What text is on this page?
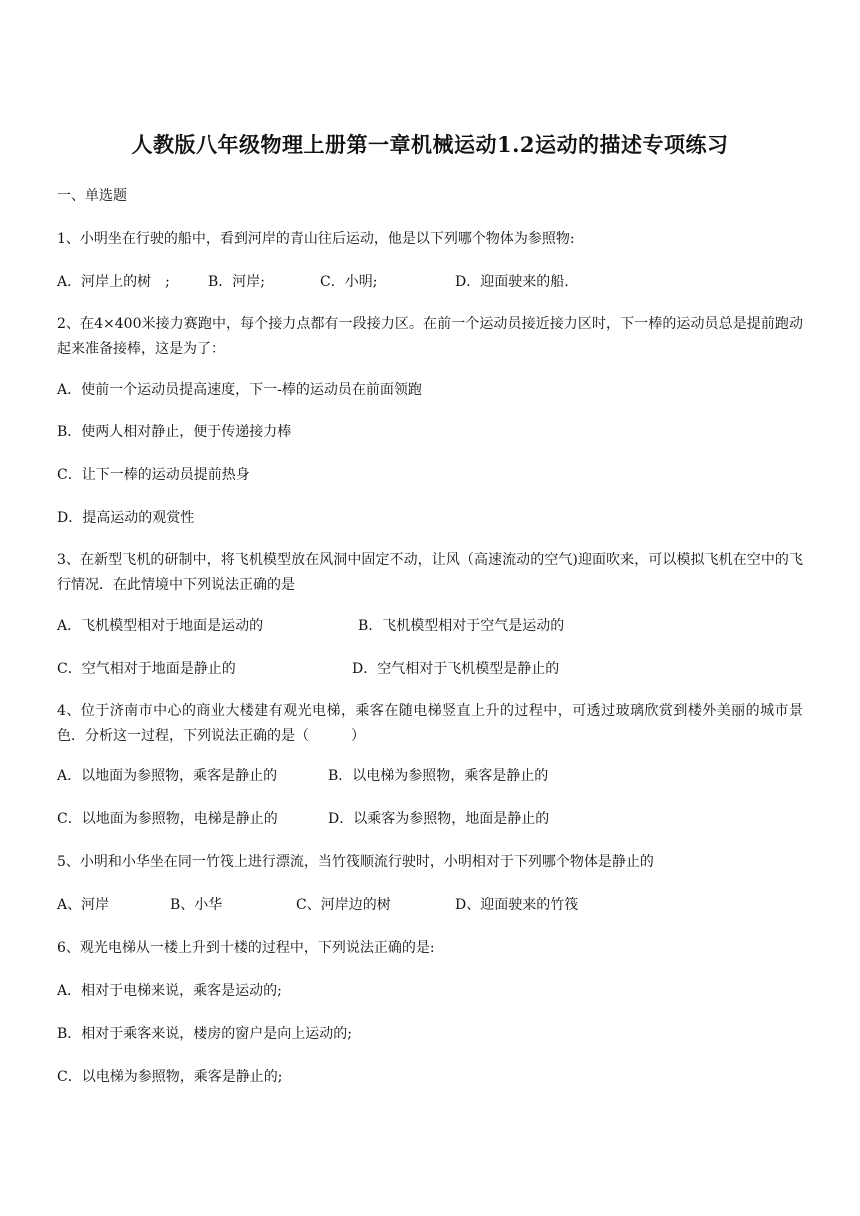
人教版八年级物理上册第一章机械运动1.2运动的描述专项练习
一、单选题
1、小明坐在行驶的船中，看到河岸的青山往后运动，他是以下列哪个物体为参照物:
A．河岸上的树　;	B．河岸;	C．小明;	D．迎面驶来的船.
2、在4×400米接力赛跑中，每个接力点都有一段接力区。在前一个运动员接近接力区时，下一棒的运动员总是提前跑动起来准备接棒，这是为了：
A．使前一个运动员提高速度，下一-棒的运动员在前面领跑
B．使两人相对静止，便于传递接力棒
C．让下一棒的运动员提前热身
D．提高运动的观赏性
3、在新型飞机的研制中，将飞机模型放在风洞中固定不动，让风（高速流动的空气)迎面吹来，可以模拟飞机在空中的飞行情况．在此情境中下列说法正确的是
A．飞机模型相对于地面是运动的	B．飞机模型相对于空气是运动的
C．空气相对于地面是静止的	D．空气相对于飞机模型是静止的
4、位于济南市中心的商业大楼建有观光电梯，乘客在随电梯竖直上升的过程中，可透过玻璃欣赏到楼外美丽的城市景色．分析这一过程，下列说法正确的是（　　　）
A．以地面为参照物，乘客是静止的	B．以电梯为参照物，乘客是静止的
C．以地面为参照物，电梯是静止的	D．以乘客为参照物，地面是静止的
5、小明和小华坐在同一竹筏上进行漂流，当竹筏顺流行驶时，小明相对于下列哪个物体是静止的
A、河岸	B、小华	C、河岸边的树	D、迎面驶来的竹筏
6、观光电梯从一楼上升到十楼的过程中，下列说法正确的是:
A．相对于电梯来说，乘客是运动的;
B．相对于乘客来说，楼房的窗户是向上运动的;
C．以电梯为参照物，乘客是静止的;
